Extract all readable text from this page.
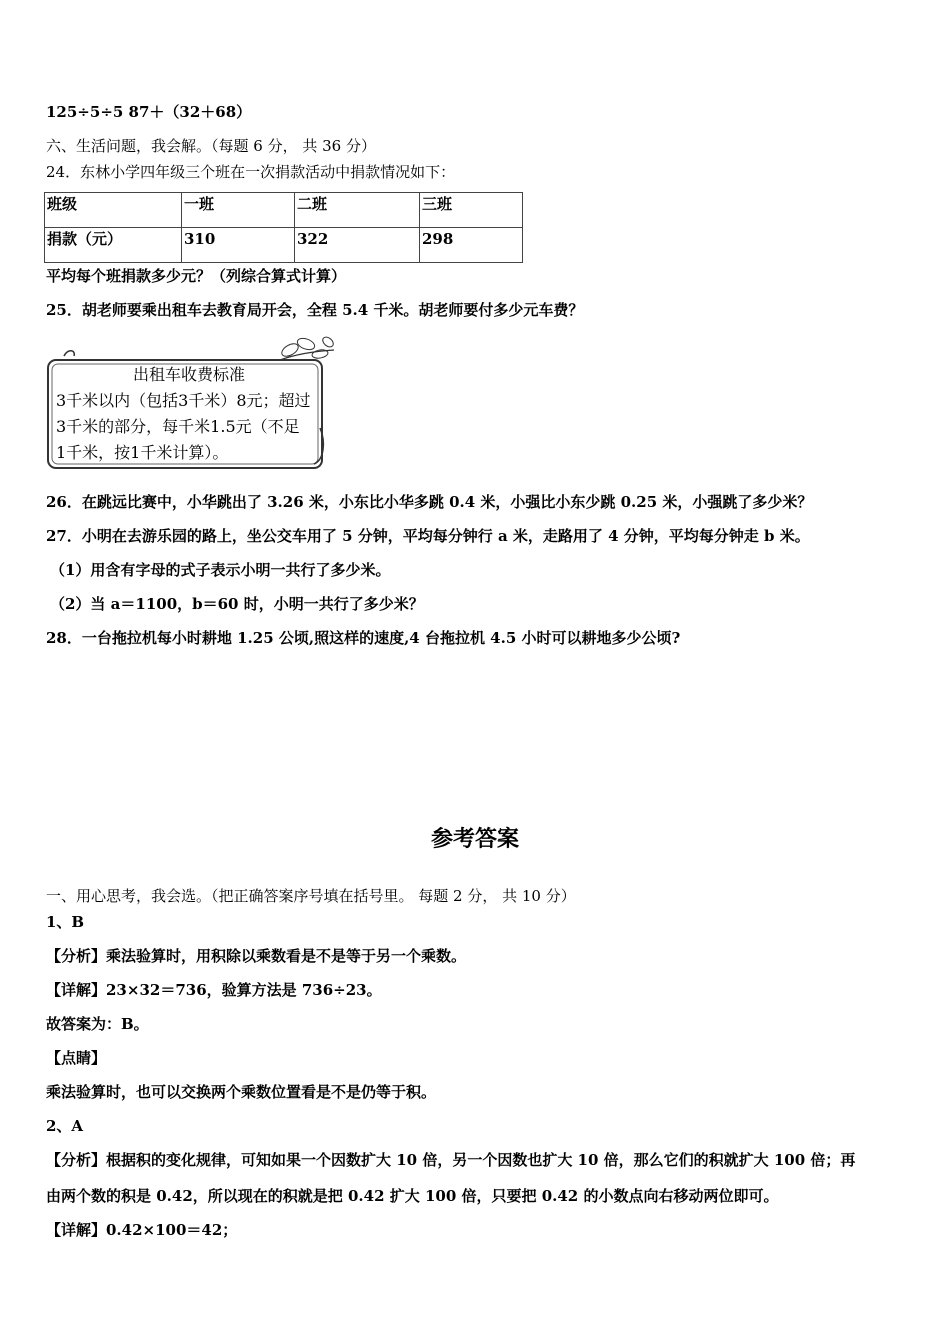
125÷5÷5 87＋（32＋68）
六、生活问题，我会解。（每题 6 分， 共 36 分）
24．东林小学四年级三个班在一次捐款活动中捐款情况如下：
班级	一班	二班	三班
捐款（元）	310	322	298
平均每个班捐款多少元？（列综合算式计算）
25．胡老师要乘出租车去教育局开会，全程 5.4 千米。胡老师要付多少元车费？
出租车收费标准
3千米以内（包括3千米）8元；超过
3千米的部分，每千米1.5元（不足
1千米，按1千米计算）。
26．在跳远比赛中，小华跳出了 3.26 米，小东比小华多跳 0.4 米，小强比小东少跳 0.25 米，小强跳了多少米？
27．小明在去游乐园的路上，坐公交车用了 5 分钟，平均每分钟行 a 米，走路用了 4 分钟，平均每分钟走 b 米。
（1）用含有字母的式子表示小明一共行了多少米。
（2）当 a＝1100，b＝60 时，小明一共行了多少米？
28．一台拖拉机每小时耕地 1.25 公顷,照这样的速度,4 台拖拉机 4.5 小时可以耕地多少公顷?
参考答案
一、用心思考，我会选。（把正确答案序号填在括号里。 每题 2 分， 共 10 分）
1、B
【分析】乘法验算时，用积除以乘数看是不是等于另一个乘数。
【详解】23×32＝736，验算方法是 736÷23。
故答案为：B。
【点睛】
乘法验算时，也可以交换两个乘数位置看是不是仍等于积。
2、A
【分析】根据积的变化规律，可知如果一个因数扩大 10 倍，另一个因数也扩大 10 倍，那么它们的积就扩大 100 倍；再
由两个数的积是 0.42，所以现在的积就是把 0.42 扩大 100 倍，只要把 0.42 的小数点向右移动两位即可。
【详解】0.42×100＝42；
